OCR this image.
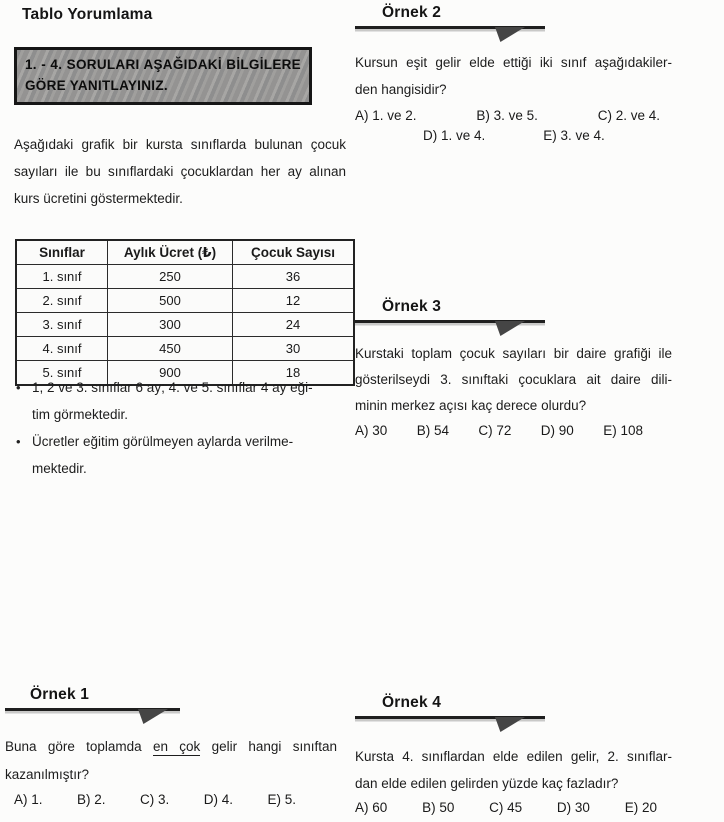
Tablo Yorumlama
1. - 4. SORULARI AŞAĞIDAKİ BİLGİLERE
GÖRE YANITLAYINIZ.
Aşağıdaki grafik bir kursta sınıflarda bulunan çocuk
sayıları ile bu sınıflardaki çocuklardan her ay alınan
kurs ücretini göstermektedir.
Sınıflar	Aylık Ücret (₺)	Çocuk Sayısı
1. sınıf	250	36
2. sınıf	500	12
3. sınıf	300	24
4. sınıf	450	30
5. sınıf	900	18
• 1, 2 ve 3. sınıflar 6 ay; 4. ve 5. sınıflar 4 ay eği-
tim görmektedir.
• Ücretler eğitim görülmeyen aylarda verilme-
mektedir.
Örnek 1
Buna göre toplamda en çok gelir hangi sınıftan
kazanılmıştır?
A) 1.	B) 2.	C) 3.	D) 4.	E) 5.
Örnek 2
Kursun eşit gelir elde ettiği iki sınıf aşağıdakiler-
den hangisidir?
A) 1. ve 2.	B) 3. ve 5.	C) 2. ve 4.
D) 1. ve 4.	E) 3. ve 4.
Örnek 3
Kurstaki toplam çocuk sayıları bir daire grafiği ile
gösterilseydi 3. sınıftaki çocuklara ait daire dili-
minin merkez açısı kaç derece olurdu?
A) 30 B) 54 C) 72 D) 90 E) 108
Örnek 4
Kursta 4. sınıflardan elde edilen gelir, 2. sınıflar-
dan elde edilen gelirden yüzde kaç fazladır?
A) 60	B) 50	C) 45	D) 30	E) 20
